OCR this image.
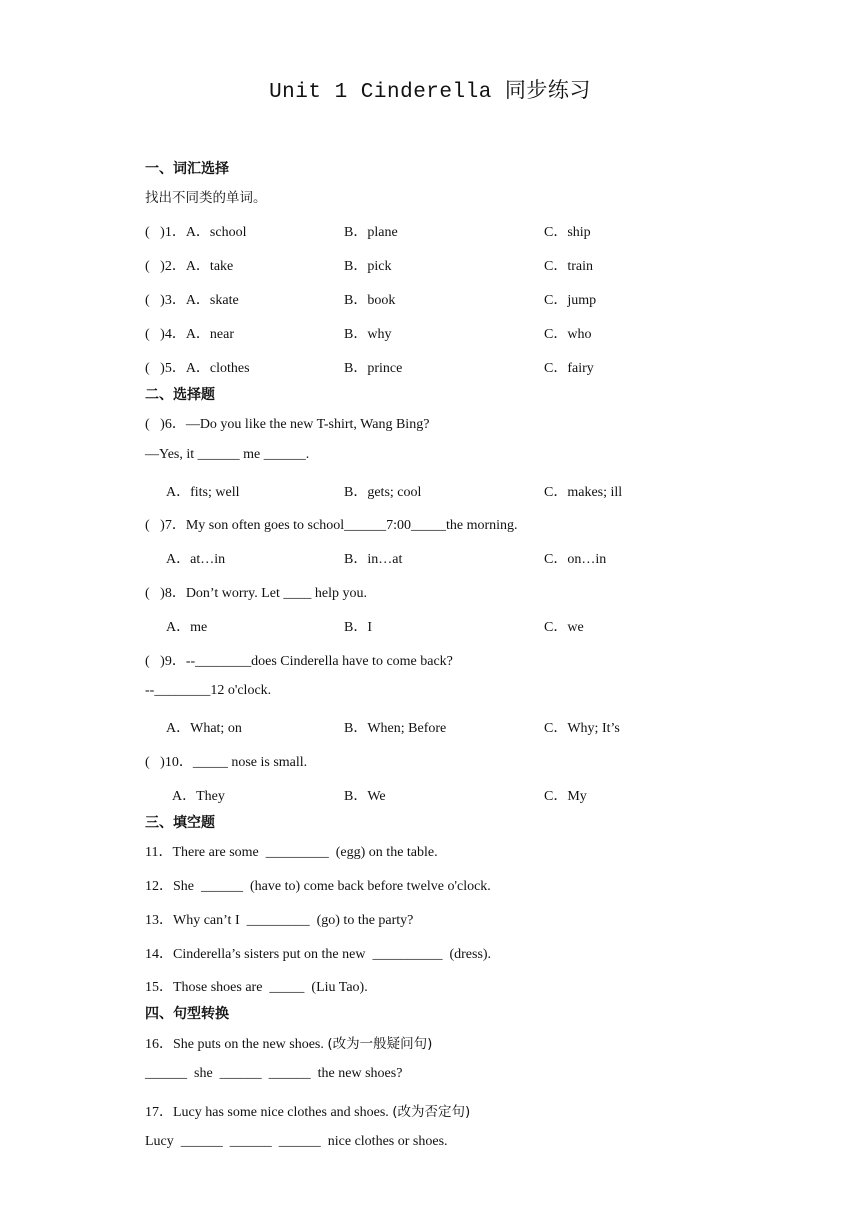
Unit 1 Cinderella 同步练习
一、词汇选择
找出不同类的单词。
(   )1．A．school	B．plane	C．ship
(   )2．A．take	B．pick	C．train
(   )3．A．skate	B．book	C．jump
(   )4．A．near	B．why	C．who
(   )5．A．clothes	B．prince	C．fairy
二、选择题
(   )6．—Do you like the new T-shirt, Wang Bing?
—Yes, it ______ me ______.
A．fits; well	B．gets; cool	C．makes; ill
(   )7．My son often goes to school______7:00_____the morning.
A．at…in	B．in…at	C．on…in
(   )8．Don’t worry. Let ____ help you.
A．me	B．I	C．we
(   )9．--________does Cinderella have to come back?
--________12 o'clock.
A．What; on	B．When; Before	C．Why; It’s
(   )10．_____ nose is small.
A．They	B．We	C．My
三、填空题
11．There are some  _________  (egg) on the table.
12．She  ______  (have to) come back before twelve o'clock.
13．Why can’t I  _________  (go) to the party?
14．Cinderella’s sisters put on the new  __________  (dress).
15．Those shoes are  _____  (Liu Tao).
四、句型转换
16．She puts on the new shoes. (改为一般疑问句)
______  she  ______  ______  the new shoes?
17．Lucy has some nice clothes and shoes. (改为否定句)
Lucy  ______  ______  ______  nice clothes or shoes.
